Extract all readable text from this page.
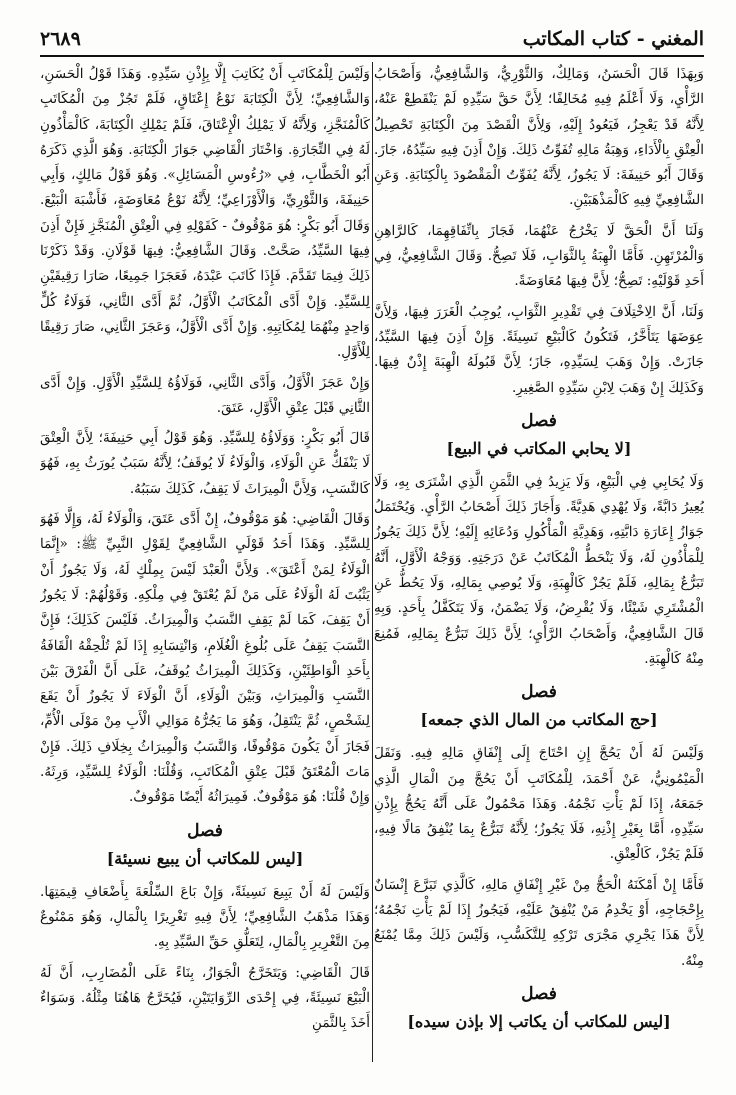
المغني - كتاب المكاتب
٢٦٨٩

وَبِهَذَا قَالَ الْحَسَنُ، وَمَالِكٌ، وَالثَّوْرِيُّ، وَالشَّافِعِيُّ، وَأَصْحَابُ الرَّأْيِ، وَلَا أَعْلَمُ فِيهِ مُخَالِفًا؛ لِأَنَّ حَقَّ سَيِّدِهِ لَمْ يَنْقَطِعْ عَنْهُ، لِأَنَّهُ قَدْ يَعْجِزُ، فَيَعُودُ إِلَيْهِ، وَلِأَنَّ الْقَصْدَ مِنَ الْكِتَابَةِ تَحْصِيلُ الْعِتْقِ بِالْأَدَاءِ، وَهِبَةُ مَالِهِ تُفَوِّتُ ذَلِكَ. وَإِنْ أَذِنَ فِيهِ سَيِّدُهُ، جَازَ. وَقَالَ أَبُو حَنِيفَةَ: لَا يَجُوزُ، لِأَنَّهُ يُفَوِّتُ الْمَقْصُودَ بِالْكِتَابَةِ. وَعَنِ الشَّافِعِيِّ فِيهِ كَالْمَذْهَبَيْنِ.

وَلَنَا أَنَّ الْحَقَّ لَا يَخْرُجُ عَنْهُمَا، فَجَازَ بِاتِّفَاقِهِمَا، كَالرَّاهِنِ وَالْمُرْتَهِنِ. فَأَمَّا الْهِبَةُ بِالثَّوَابِ، فَلَا تَصِحُّ. وَقَالَ الشَّافِعِيُّ، فِي أَحَدِ قَوْلَيْهِ: تَصِحُّ؛ لِأَنَّ فِيهَا مُعَاوَضَةً.

وَلَنَا، أَنَّ الِاخْتِلَافَ فِي تَقْدِيرِ الثَّوَابِ، يُوجِبُ الْغَرَرَ فِيهَا، وَلِأَنَّ عِوَضَهَا يَتَأَخَّرُ، فَتَكُونُ كَالْبَيْعِ نَسِيئَةً. وَإِنْ أَذِنَ فِيهَا السَّيِّدُ، جَازَتْ. وَإِنْ وَهَبَ لِسَيِّدِهِ، جَازَ؛ لِأَنَّ قَبُولَهُ الْهِبَةَ إِذْنٌ فِيهَا. وَكَذَلِكَ إِنْ وَهَبَ لِابْنِ سَيِّدِهِ الصَّغِيرِ.

فصل
[لا يحابي المكاتب في البيع]

وَلَا يُحَابِي فِي الْبَيْعِ، وَلَا يَزِيدُ فِي الثَّمَنِ الَّذِي اشْتَرَى بِهِ، وَلَا يُعِيرُ دَابَّةً، وَلَا يُهْدِي هَدِيَّةً. وَأَجَازَ ذَلِكَ أَصْحَابُ الرَّأْيِ. وَيُحْتَمَلُ جَوَازُ إِعَارَةِ دَابَّتِهِ، وَهَدِيَّةِ الْمَأْكُولِ وَدُعَائِهِ إِلَيْهِ؛ لِأَنَّ ذَلِكَ يَجُوزُ لِلْمَأْذُونِ لَهُ، وَلَا يَنْحَطُّ الْمُكَاتَبُ عَنْ دَرَجَتِهِ. وَوَجْهُ الْأَوَّلِ، أَنَّهُ تَبَرُّعٌ بِمَالِهِ، فَلَمْ يَجُزْ كَالْهِبَةِ، وَلَا يُوصِي بِمَالِهِ، وَلَا يَحُطُّ عَنِ الْمُشْتَرِي شَيْئًا، وَلَا يُقْرِضُ، وَلَا يَضْمَنُ، وَلَا يَتَكَفَّلُ بِأَحَدٍ. وَبِهِ قَالَ الشَّافِعِيُّ، وَأَصْحَابُ الرَّأْيِ؛ لِأَنَّ ذَلِكَ تَبَرُّعٌ بِمَالِهِ، فَمُنِعَ مِنْهُ كَالْهِبَةِ.

فصل
[حج المكاتب من المال الذي جمعه]

وَلَيْسَ لَهُ أَنْ يَحُجَّ إِنِ احْتَاجَ إِلَى إِنْفَاقِ مَالِهِ فِيهِ. وَنَقَلَ الْمَيْمُونِيُّ، عَنْ أَحْمَدَ، لِلْمُكَاتَبِ أَنْ يَحُجَّ مِنَ الْمَالِ الَّذِي جَمَعَهُ، إِذَا لَمْ يَأْتِ نَجْمُهُ. وَهَذَا مَحْمُولٌ عَلَى أَنَّهُ يَحُجُّ بِإِذْنِ سَيِّدِهِ، أَمَّا بِغَيْرِ إِذْنِهِ، فَلَا يَجُوزُ؛ لِأَنَّهُ تَبَرُّعٌ بِمَا يُنْفِقُ مَالًا فِيهِ، فَلَمْ يَجُزْ، كَالْعِتْقِ.

فَأَمَّا إِنْ أَمْكَنَهُ الْحَجُّ مِنْ غَيْرِ إِنْفَاقِ مَالِهِ، كَالَّذِي تَبَرَّعَ إِنْسَانٌ بِإِحْجَاجِهِ، أَوْ يَخْدِمُ مَنْ يُنْفِقُ عَلَيْهِ، فَيَجُوزُ إِذَا لَمْ يَأْتِ نَجْمُهُ؛ لِأَنَّ هَذَا يَجْرِي مَجْرَى تَرْكِهِ لِلتَّكَسُّبِ، وَلَيْسَ ذَلِكَ مِمَّا يُمْنَعُ مِنْهُ.

فصل
[ليس للمكاتب أن يكاتب إلا بإذن سيده]

وَلَيْسَ لِلْمُكَاتَبِ أَنْ يُكَاتِبَ إِلَّا بِإِذْنِ سَيِّدِهِ. وَهَذَا قَوْلُ الْحَسَنِ، وَالشَّافِعِيِّ؛ لِأَنَّ الْكِتَابَةَ نَوْعُ إِعْتَاقٍ، فَلَمْ تَجُزْ مِنَ الْمُكَاتَبِ كَالْمُنَجَّزِ، وَلِأَنَّهُ لَا يَمْلِكُ الْإِعْتَاقَ، فَلَمْ يَمْلِكِ الْكِتَابَةَ، كَالْمَأْذُونِ لَهُ فِي التِّجَارَةِ. وَاخْتَارَ الْقَاضِي جَوَازَ الْكِتَابَةِ. وَهُوَ الَّذِي ذَكَرَهُ أَبُو الْخَطَّابِ، فِي «رُءُوسِ الْمَسَائِلِ». وَهُوَ قَوْلُ مَالِكٍ، وَأَبِي حَنِيفَةَ، وَالثَّوْرِيِّ، وَالْأَوْزَاعِيِّ؛ لِأَنَّهُ نَوْعُ مُعَاوَضَةٍ، فَأَشْبَهَ الْبَيْعَ. وَقَالَ أَبُو بَكْرٍ: هُوَ مَوْقُوفٌ - كَقَوْلِهِ فِي الْعِتْقِ الْمُنَجَّزِ فَإِنْ أَذِنَ فِيهَا السَّيِّدُ، صَحَّتْ. وَقَالَ الشَّافِعِيُّ: فِيهَا قَوْلَانِ. وَقَدْ ذَكَرْنَا ذَلِكَ فِيمَا تَقَدَّمَ. فَإِذَا كَاتَبَ عَبْدَهُ، فَعَجَزَا جَمِيعًا، صَارَا رَقِيقَيْنِ لِلسَّيِّدِ. وَإِنْ أَدَّى الْمُكَاتَبُ الْأَوَّلُ، ثُمَّ أَدَّى الثَّانِي، فَوَلَاءُ كُلٍّ وَاحِدٍ مِنْهُمَا لِمُكَاتِبِهِ. وَإِنْ أَدَّى الْأَوَّلُ، وَعَجَزَ الثَّانِي، صَارَ رَقِيقًا لِلْأَوَّلِ.

وَإِنْ عَجَزَ الْأَوَّلُ، وَأَدَّى الثَّانِي، فَوَلَاؤُهُ لِلسَّيِّدِ الْأَوَّلِ. وَإِنْ أَدَّى الثَّانِي قَبْلَ عِتْقِ الْأَوَّلِ، عَتَقَ.

قَالَ أَبُو بَكْرٍ: وَوَلَاؤُهُ لِلسَّيِّدِ. وَهُوَ قَوْلُ أَبِي حَنِيفَةَ؛ لِأَنَّ الْعِتْقَ لَا يَنْفَكُّ عَنِ الْوَلَاءِ، وَالْوَلَاءُ لَا يُوقَفُ؛ لِأَنَّهُ سَبَبٌ يُورَثُ بِهِ، فَهُوَ كَالنَّسَبِ، وَلِأَنَّ الْمِيرَاثَ لَا يَقِفُ، كَذَلِكَ سَبَبُهُ.

وَقَالَ الْقَاضِي: هُوَ مَوْقُوفٌ، إِنْ أَدَّى عَتَقَ، وَالْوَلَاءُ لَهُ، وَإِلَّا فَهُوَ لِلسَّيِّدِ. وَهَذَا أَحَدُ قَوْلَيِ الشَّافِعِيِّ لِقَوْلِ النَّبِيِّ ﷺ: «إِنَّمَا الْوَلَاءُ لِمَنْ أَعْتَقَ». وَلِأَنَّ الْعَبْدَ لَيْسَ بِمِلْكٍ لَهُ، وَلَا يَجُوزُ أَنْ يَثْبُتَ لَهُ الْوَلَاءُ عَلَى مَنْ لَمْ يُعْتَقْ فِي مِلْكِهِ. وَقَوْلُهُمْ: لَا يَجُوزُ أَنْ يَقِفَ، كَمَا لَمْ يَقِفِ النَّسَبُ وَالْمِيرَاثُ. فَلَيْسَ كَذَلِكَ؛ فَإِنَّ النَّسَبَ يَقِفُ عَلَى بُلُوغِ الْغُلَامِ، وَانْتِسَابِهِ إِذَا لَمْ تُلْحِقْهُ الْقَافَةُ بِأَحَدِ الْوَاطِئَيْنِ، وَكَذَلِكَ الْمِيرَاثُ يُوقَفُ، عَلَى أَنَّ الْفَرْقَ بَيْنَ النَّسَبِ وَالْمِيرَاثِ، وَبَيْنَ الْوَلَاءِ، أَنَّ الْوَلَاءَ لَا يَجُوزُ أَنْ يَقَعَ لِشَخْصٍ، ثُمَّ يَنْتَقِلُ، وَهُوَ مَا يَجُرُّهُ مَوَالِي الْأَبِ مِنْ مَوْلَى الْأُمِّ، فَجَازَ أَنْ يَكُونَ مَوْقُوفًا، وَالنَّسَبُ وَالْمِيرَاثُ بِخِلَافِ ذَلِكَ. فَإِنْ مَاتَ الْمُعْتَقُ قَبْلَ عِتْقِ الْمُكَاتَبِ، وَقُلْنَا: الْوَلَاءُ لِلسَّيِّدِ، وَرِثَهُ. وَإِنْ قُلْنَا: هُوَ مَوْقُوفٌ. فَمِيرَاثُهُ أَيْضًا مَوْقُوفٌ.

فصل
[ليس للمكاتب أن يبيع نسيئة]

وَلَيْسَ لَهُ أَنْ يَبِيعَ نَسِيئَةً، وَإِنْ بَاعَ السِّلْعَةَ بِأَضْعَافِ قِيمَتِهَا. وَهَذَا مَذْهَبُ الشَّافِعِيِّ؛ لِأَنَّ فِيهِ تَغْرِيرًا بِالْمَالِ، وَهُوَ مَمْنُوعٌ مِنَ التَّغْرِيرِ بِالْمَالِ، لِتَعَلُّقِ حَقِّ السَّيِّدِ بِهِ.

قَالَ الْقَاضِي: وَيَتَخَرَّجُ الْجَوَازُ، بِنَاءً عَلَى الْمُضَارِبِ، أَنَّ لَهُ الْبَيْعَ نَسِيئَةً، فِي إِحْدَى الرِّوَايَتَيْنِ، فَيُخَرَّجُ هَاهُنَا مِثْلُهُ. وَسَوَاءٌ أَخَذَ بِالثَّمَنِ
